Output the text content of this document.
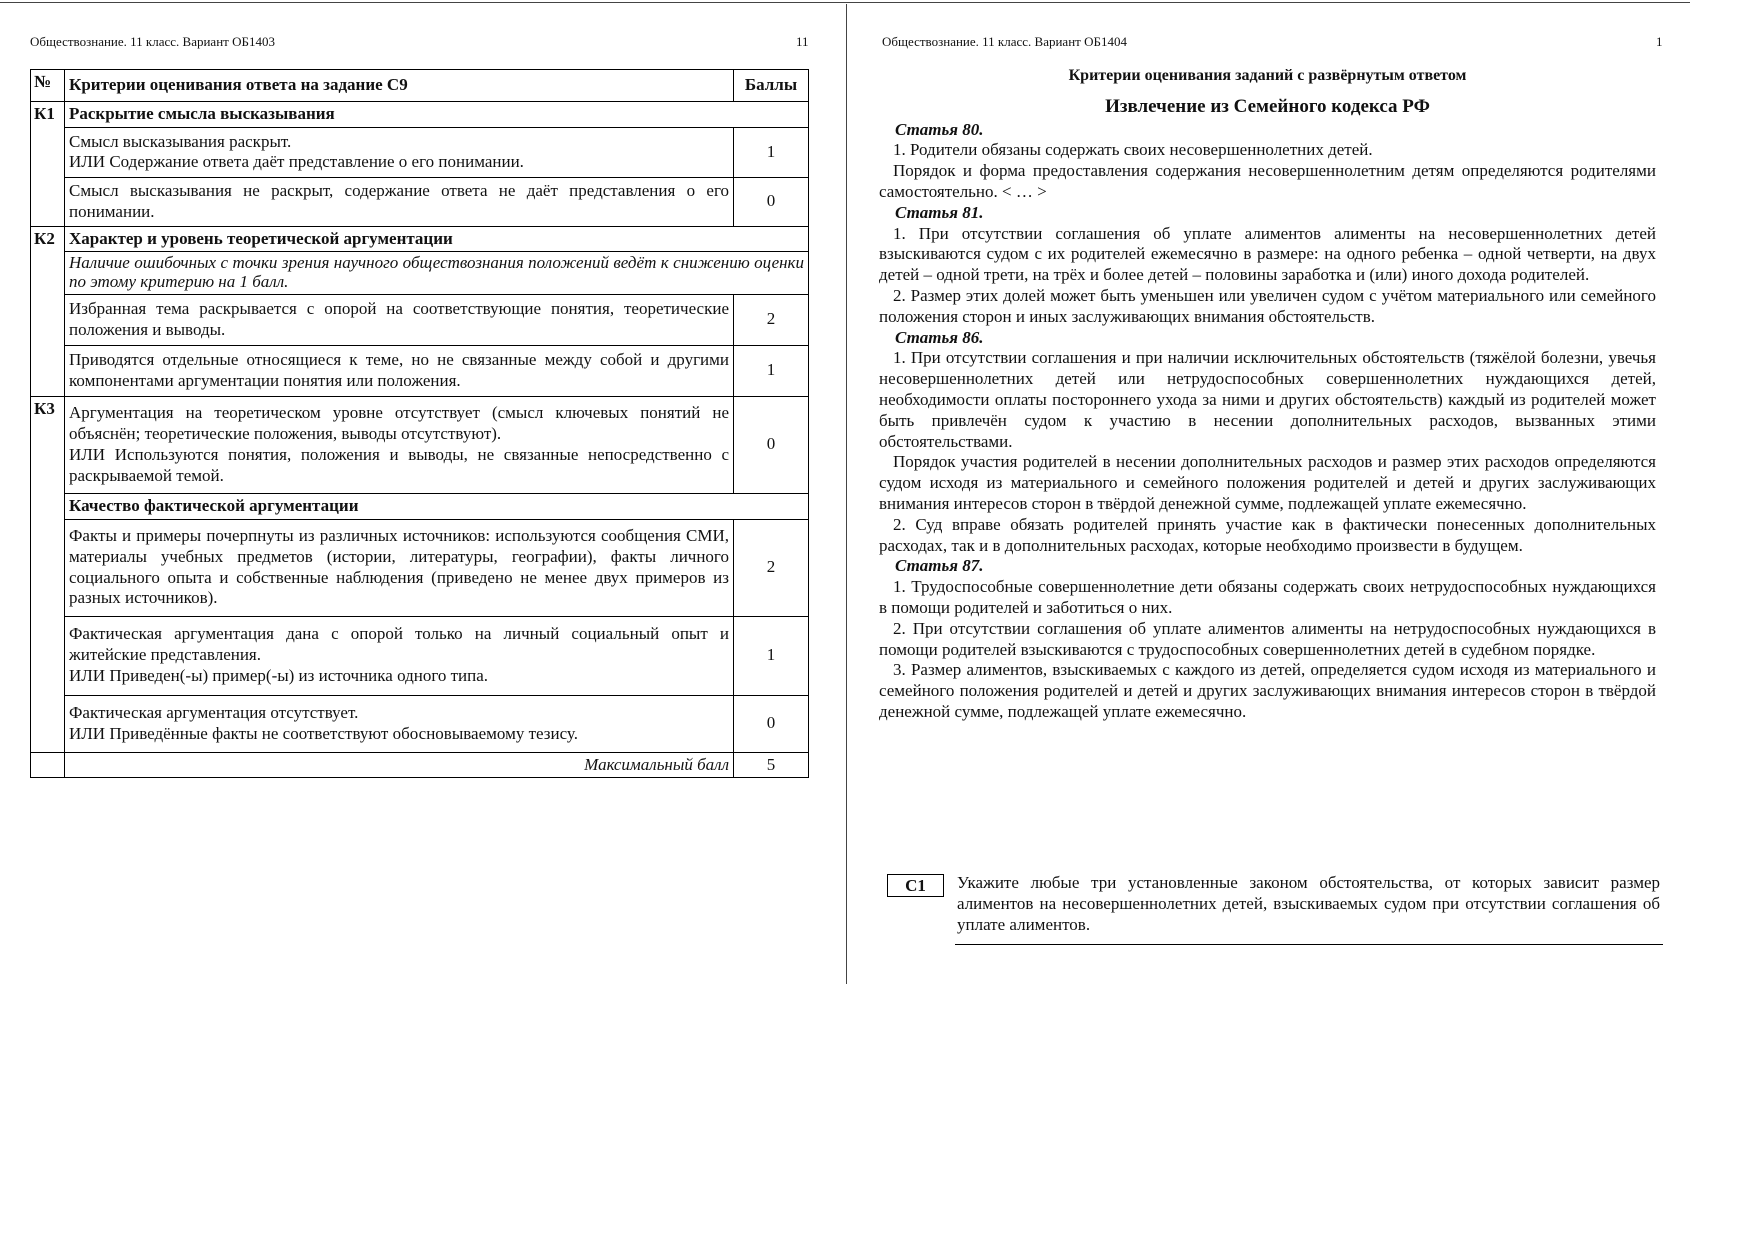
Обществознание. 11 класс. Вариант ОБ1403	11
№	Критерии оценивания ответа на задание С9	Баллы
К1	Раскрытие смысла высказывания	

	Смысл высказывания раскрыт.
ИЛИ Содержание ответа даёт представление о его понимании.	1
	Смысл высказывания не раскрыт, содержание ответа не даёт представления о его понимании.	0
К2	Характер и уровень теоретической аргументации	
	Наличие ошибочных с точки зрения научного обществознания положений ведёт к снижению оценки по этому критерию на 1 балл.	
	Избранная тема раскрывается с опорой на соответствующие понятия, теоретические положения и выводы.	2
	Приводятся отдельные относящиеся к теме, но не связанные между собой и другими компонентами аргументации понятия или положения.	1
К3	Аргументация на теоретическом уровне отсутствует (смысл ключевых понятий не объяснён; теоретические положения, выводы отсутствуют).
ИЛИ Используются понятия, положения и выводы, не связанные непосредственно с раскрываемой темой.	0
	Качество фактической аргументации	
	Факты и примеры почерпнуты из различных источников: используются сообщения СМИ, материалы учебных предметов (истории, литературы, географии), факты личного социального опыта и собственные наблюдения (приведено не менее двух примеров из разных источников).	2

	Фактическая аргументация дана с опорой только на личный социальный опыт и житейские представления.
ИЛИ Приведен(-ы) пример(-ы) из источника одного типа.	1

	Фактическая аргументация отсутствует.
ИЛИ Приведённые факты не соответствуют обосновываемому тезису.	0
	Максимальный балл	5
Обществознание. 11 класс. Вариант ОБ1404	1
Критерии оценивания заданий с развёрнутым ответом
Извлечение из Семейного кодекса РФ
Статья 80.

1. Родители обязаны содержать своих несовершеннолетних детей.

Порядок и форма предоставления содержания несовершеннолетним детям определяются родителями самостоятельно. < … >

Статья 81.

1. При отсутствии соглашения об уплате алиментов алименты на несовершеннолетних детей взыскиваются судом с их родителей ежемесячно в размере: на одного ребенка – одной четверти, на двух детей – одной трети, на трёх и более детей – половины заработка и (или) иного дохода родителей.

2. Размер этих долей может быть уменьшен или увеличен судом с учётом материального или семейного положения сторон и иных заслуживающих внимания обстоятельств.

Статья 86.

1. При отсутствии соглашения и при наличии исключительных обстоятельств (тяжёлой болезни, увечья несовершеннолетних детей или нетрудоспособных совершеннолетних нуждающихся детей, необходимости оплаты постороннего ухода за ними и других обстоятельств) каждый из родителей может быть привлечён судом к участию в несении дополнительных расходов, вызванных этими обстоятельствами.

Порядок участия родителей в несении дополнительных расходов и размер этих расходов определяются судом исходя из материального и семейного положения родителей и детей и других заслуживающих внимания интересов сторон в твёрдой денежной сумме, подлежащей уплате ежемесячно.

2. Суд вправе обязать родителей принять участие как в фактически понесенных дополнительных расходах, так и в дополнительных расходах, которые необходимо произвести в будущем.

Статья 87.

1. Трудоспособные совершеннолетние дети обязаны содержать своих нетрудоспособных нуждающихся в помощи родителей и заботиться о них.

2. При отсутствии соглашения об уплате алиментов алименты на нетрудоспособных нуждающихся в помощи родителей взыскиваются с трудоспособных совершеннолетних детей в судебном порядке.

3. Размер алиментов, взыскиваемых с каждого из детей, определяется судом исходя из материального и семейного положения родителей и детей и других заслуживающих внимания интересов сторон в твёрдой денежной сумме, подлежащей уплате ежемесячно.

С1	Укажите любые три установленные законом обстоятельства, от которых зависит размер алиментов на несовершеннолетних детей, взыскиваемых судом при отсутствии соглашения об уплате алиментов.
